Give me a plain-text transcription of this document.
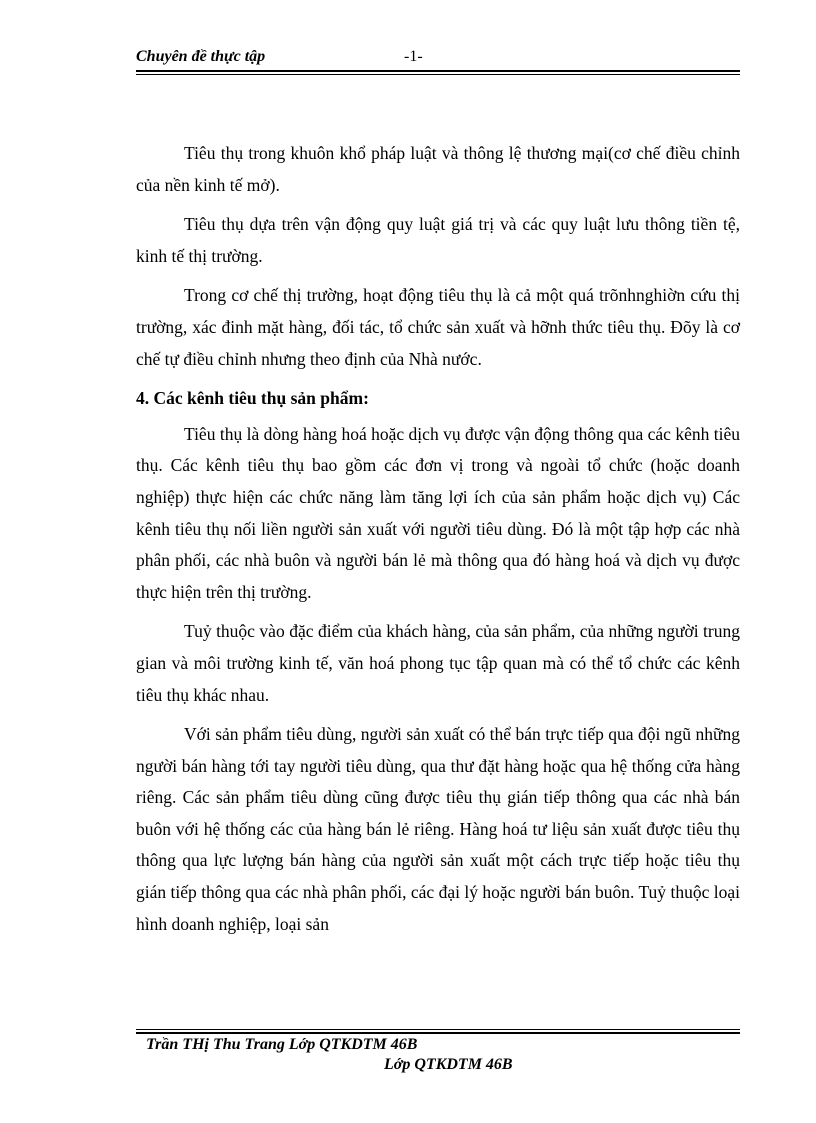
Chuyên đề thực tập	-1-

Tiêu thụ trong khuôn khổ pháp luật và thông lệ thương mại(cơ chế điều chỉnh của nền kinh tế mở).

Tiêu thụ dựa trên vận động quy luật giá trị và các quy luật lưu thông tiền tệ, kinh tế thị trường.

Trong cơ chế thị trường, hoạt động tiêu thụ là cả một quá trõnhnghiờn cứu thị trường, xác đinh mặt hàng, đối tác, tổ chức sản xuất và hỡnh thức tiêu thụ. Đõy là cơ chế tự điều chỉnh nhưng theo định của Nhà nước.

4. Các kênh tiêu thụ sản phẩm:

Tiêu thụ là dòng hàng hoá hoặc dịch vụ được vận động thông qua các kênh tiêu thụ. Các kênh tiêu thụ bao gồm các đơn vị trong và ngoài tổ chức (hoặc doanh nghiệp) thực hiện các chức năng làm tăng lợi ích của sản phẩm hoặc dịch vụ) Các kênh tiêu thụ nối liền người sản xuất với người tiêu dùng. Đó là một tập hợp các nhà phân phối, các nhà buôn và người bán lẻ mà thông qua đó hàng hoá và dịch vụ được thực hiện trên thị trường.

Tuỷ thuộc vào đặc điểm của khách hàng, của sản phẩm, của những người trung gian và môi trường kinh tế, văn hoá phong tục tập quan mà có thể tổ chức các kênh tiêu thụ khác nhau.

Với sản phẩm tiêu dùng, người sản xuất có thể bán trực tiếp qua đội ngũ những người bán hàng tới tay người tiêu dùng, qua thư đặt hàng hoặc qua hệ thống cửa hàng riêng. Các sản phẩm tiêu dùng cũng được tiêu thụ gián tiếp thông qua các nhà bán buôn với hệ thống các của hàng bán lẻ riêng. Hàng hoá tư liệu sản xuất được tiêu thụ thông qua lực lượng bán hàng của người sản xuất một cách trực tiếp hoặc tiêu thụ gián tiếp thông qua các nhà phân phối, các đại lý hoặc người bán buôn. Tuỷ thuộc loại hình doanh nghiệp, loại sản

Trần THị Thu Trang Lớp QTKDTM 46B
Lớp QTKDTM 46B
